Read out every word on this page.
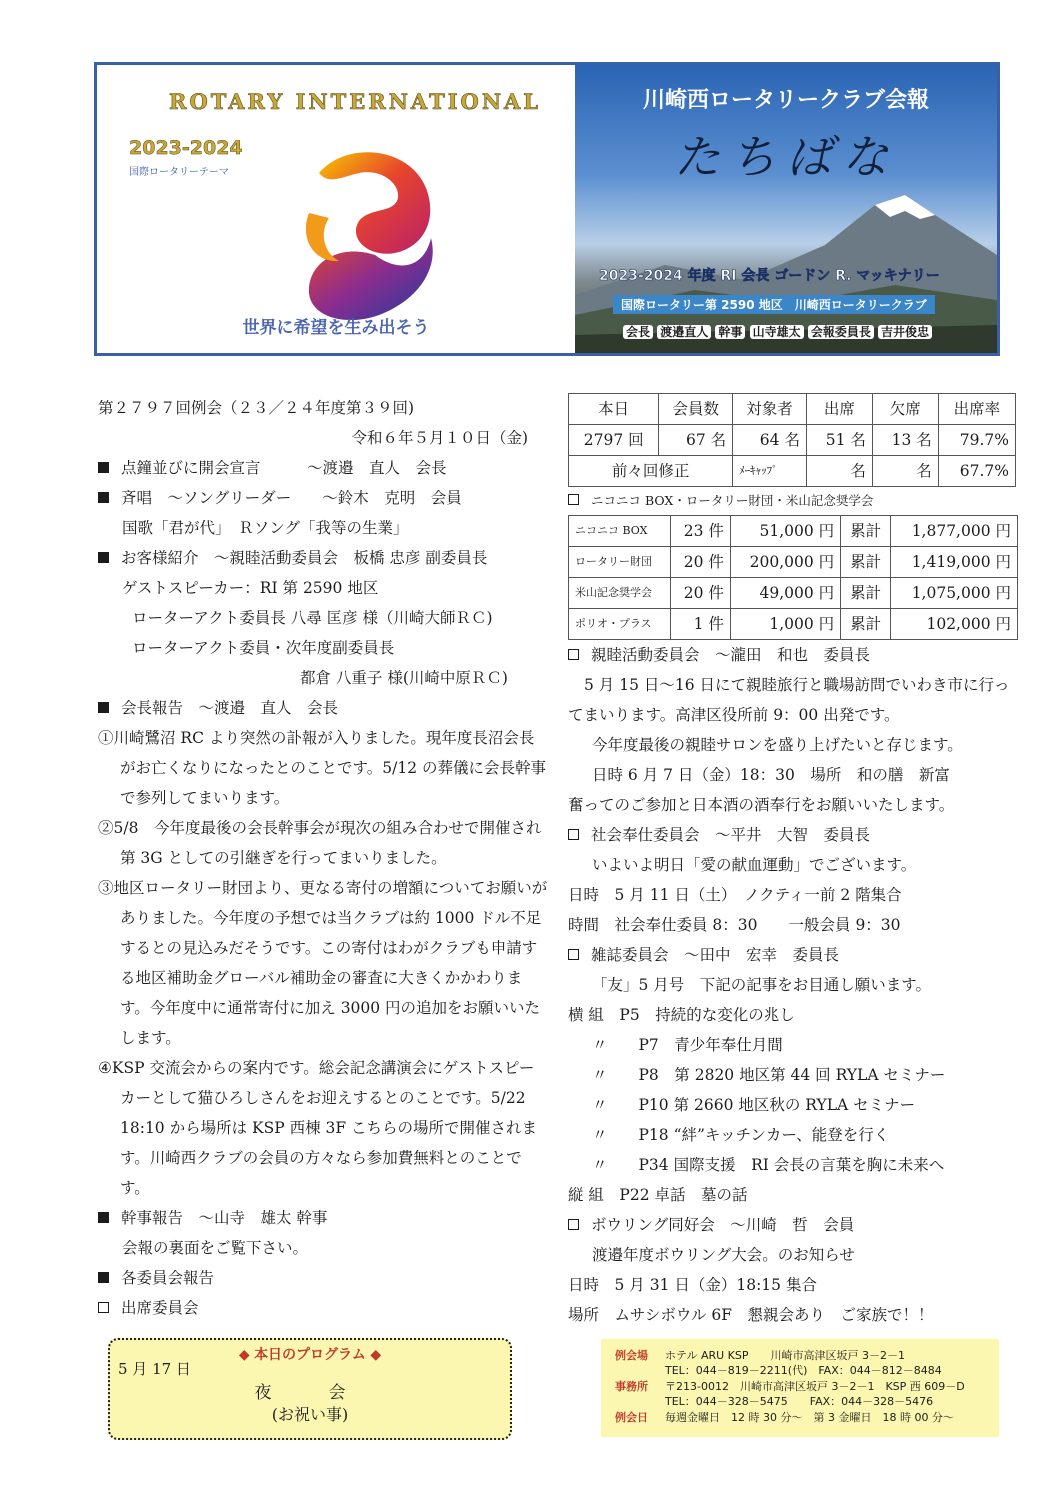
ROTARY INTERNATIONAL
2023-2024
国際ロータリーテーマ
世界に希望を生み出そう
川崎西ロータリークラブ会報
たちばな
2023-2024 年度 RI 会長 ゴードン R. マッキナリー
国際ロータリー第 2590 地区　川崎西ロータリークラブ
会長 渡邉直人 幹事 山寺雄太 会報委員長 吉井俊忠
第２７９７回例会（２３／２４年度第３９回)
令和６年５月１０日（金)
点鐘並びに開会宣言　　　～渡邉　直人　会長
斉唱　～ソングリーダー　　～鈴木　克明　会員
国歌「君が代」　Ｒソング「我等の生業」
お客様紹介　～親睦活動委員会　板橋 忠彦 副委員長
ゲストスピーカー：RI 第 2590 地区
ローターアクト委員長 八尋 匡彦 様（川崎大師ＲＣ)
ローターアクト委員・次年度副委員長
都倉 八重子 様(川崎中原ＲＣ)
会長報告　～渡邉　直人　会長
①川崎鷺沼 RC より突然の訃報が入りました。現年度長沼会長がお亡くなりになったとのことです。5/12 の葬儀に会長幹事で参列してまいります。
②5/8　今年度最後の会長幹事会が現次の組み合わせで開催され第 3G としての引継ぎを行ってまいりました。
③地区ロータリー財団より、更なる寄付の増額についてお願いがありました。今年度の予想では当クラブは約 1000 ドル不足するとの見込みだそうです。この寄付はわがクラブも申請する地区補助金グローバル補助金の審査に大きくかかわります。今年度中に通常寄付に加え 3000 円の追加をお願いいたします。
④KSP 交流会からの案内です。総会記念講演会にゲストスピーカーとして猫ひろしさんをお迎えするとのことです。5/22　18:10 から場所は KSP 西棟 3F こちらの場所で開催されます。川崎西クラブの会員の方々なら参加費無料とのことです。
幹事報告　～山寺　雄太 幹事
会報の裏面をご覧下さい。
各委員会報告
出席委員会
本日	会員数	対象者	出席	欠席	出席率
2797 回	67 名	64 名	51 名	13 名	79.7%
前々回修正		ﾒｰｷｬｯﾌﾟ	名	名	67.7%
ニコニコ BOX・ロータリー財団・米山記念奨学会
ニコニコ BOX	23 件	51,000 円	累計	1,877,000 円
ロータリー財団	20 件	200,000 円	累計	1,419,000 円
米山記念奨学会	20 件	49,000 円	累計	1,075,000 円
ポリオ・プラス	1 件	1,000 円	累計	102,000 円
親睦活動委員会　～瀧田　和也　委員長
5 月 15 日～16 日にて親睦旅行と職場訪問でいわき市に行ってまいります。高津区役所前 9：00 出発です。
今年度最後の親睦サロンを盛り上げたいと存じます。
日時 6 月 7 日（金）18：30　場所　和の膳　新富
奮ってのご参加と日本酒の酒奉行をお願いいたします。
社会奉仕委員会　～平井　大智　委員長
いよいよ明日「愛の献血運動」でございます。
日時　5 月 11 日（土）　ノクティ一前 2 階集合
時間　社会奉仕委員 8：30　　一般会員 9：30
雑誌委員会　～田中　宏幸　委員長
「友」5 月号　下記の記事をお目通し願います。
横 組　P5　持続的な変化の兆し
〃　　P7　青少年奉仕月間
〃　　P8　第 2820 地区第 44 回 RYLA セミナー
〃　　P10 第 2660 地区秋の RYLA セミナー
〃　　P18 “絆”キッチンカー、能登を行く
〃　　P34 国際支援　RI 会長の言葉を胸に未来へ
縦 組　P22 卓話　墓の話
ボウリング同好会　～川崎　哲　会員
渡邉年度ボウリング大会。のお知らせ
日時　5 月 31 日（金）18:15 集合
場所　ムサシボウル 6F　懇親会あり　ご家族で！！
5 月 17 日
◆ 本日のプログラム ◆
夜　会
(お祝い事)
例会場 ホテル ARU KSP　　川崎市高津区坂戸 3－2－1
TEL：044－819－2211(代)　FAX：044－812－8484
事務所 〒213-0012　川崎市高津区坂戸 3－2－1　KSP 西 609－D
TEL：044－328－5475　　FAX：044－328－5476
例会日 毎週金曜日　12 時 30 分～　第 3 金曜日　18 時 00 分～
